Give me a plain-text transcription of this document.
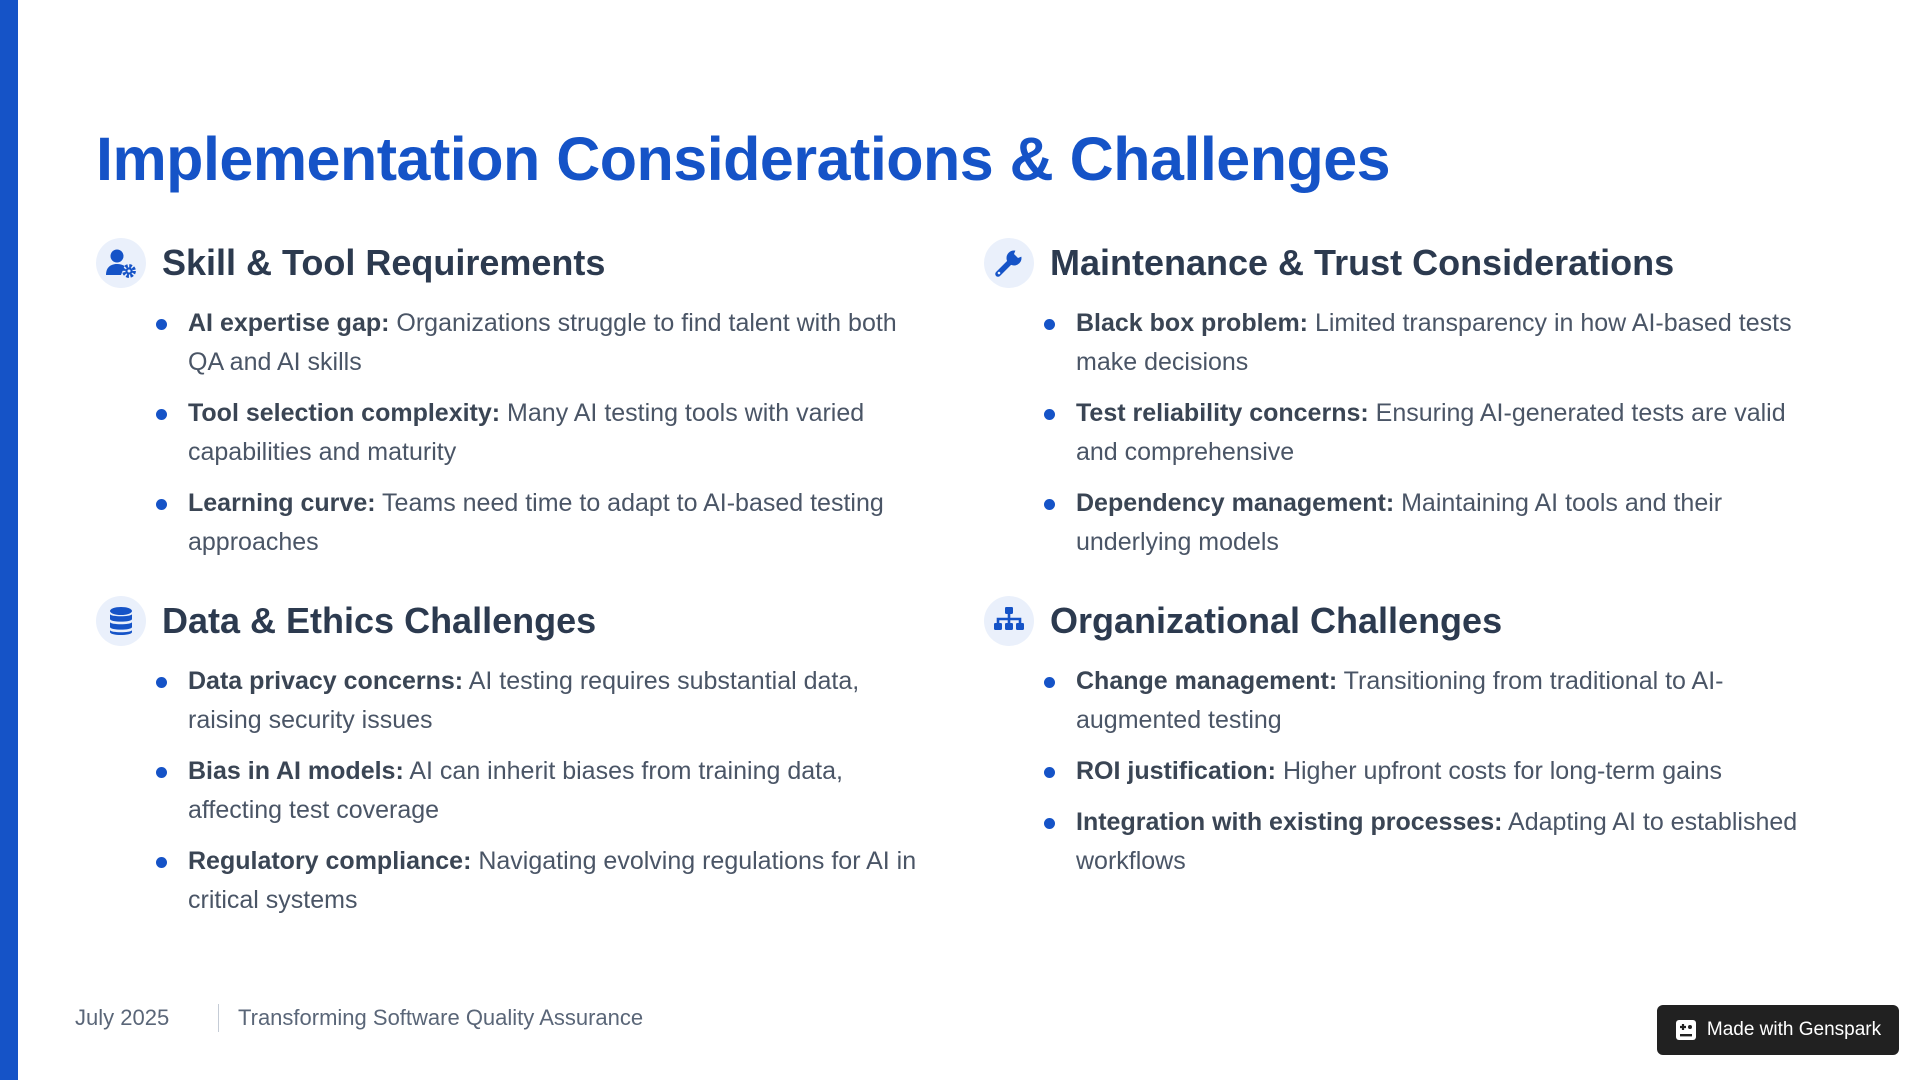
Implementation Considerations & Challenges
Skill & Tool Requirements
AI expertise gap: Organizations struggle to find talent with both QA and AI skills
Tool selection complexity: Many AI testing tools with varied capabilities and maturity
Learning curve: Teams need time to adapt to AI-based testing approaches
Maintenance & Trust Considerations
Black box problem: Limited transparency in how AI-based tests make decisions
Test reliability concerns: Ensuring AI-generated tests are valid and comprehensive
Dependency management: Maintaining AI tools and their underlying models
Data & Ethics Challenges
Data privacy concerns: AI testing requires substantial data, raising security issues
Bias in AI models: AI can inherit biases from training data, affecting test coverage
Regulatory compliance: Navigating evolving regulations for AI in critical systems
Organizational Challenges
Change management: Transitioning from traditional to AI-augmented testing
ROI justification: Higher upfront costs for long-term gains
Integration with existing processes: Adapting AI to established workflows
July 2025	Transforming Software Quality Assurance	Made with Genspark
